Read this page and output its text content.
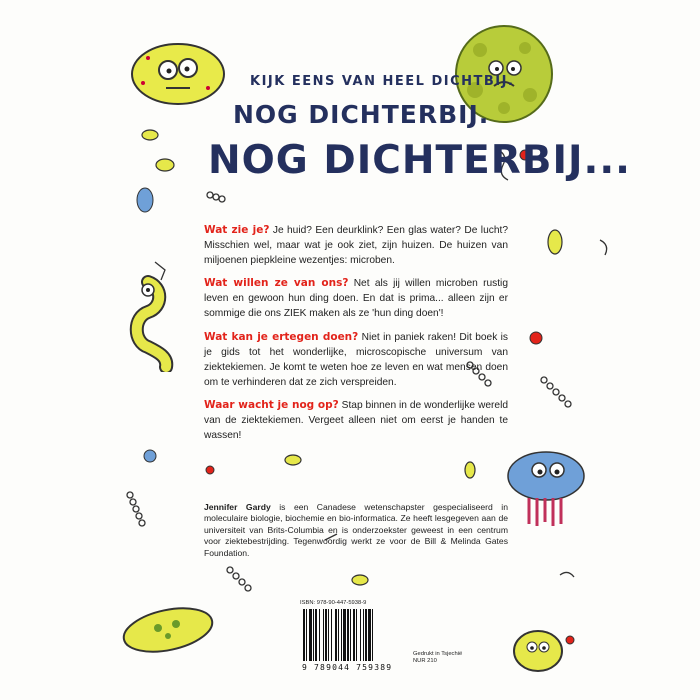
KIJK EENS VAN HEEL DICHTBIJ.
NOG DICHTERBIJ.
NOG DICHTERBIJ...
Wat zie je? Je huid? Een deurklink? Een glas water? De lucht? Misschien wel, maar wat je ook ziet, zijn huizen. De huizen van miljoenen piepkleine wezentjes: microben.
Wat willen ze van ons? Net als jij willen microben rustig leven en gewoon hun ding doen. En dat is prima... alleen zijn er sommige die ons ZIEK maken als ze 'hun ding doen'!
Wat kan je ertegen doen? Niet in paniek raken! Dit boek is je gids tot het wonderlijke, microscopische universum van ziektekiemen. Je komt te weten hoe ze leven en wat mensen doen om te verhinderen dat ze zich verspreiden.
Waar wacht je nog op? Stap binnen in de wonderlijke wereld van de ziektekiemen. Vergeet alleen niet om eerst je handen te wassen!
Jennifer Gardy is een Canadese wetenschapster gespecialiseerd in moleculaire biologie, biochemie en bio-informatica. Ze heeft lesgegeven aan de universiteit van Brits-Columbia en is onderzoekster geweest in een centrum voor ziektebestrijding. Tegenwoordig werkt ze voor de Bill & Melinda Gates Foundation.
ISBN: 978-90-447-5938-9
9 789044 759389
Gedrukt in Tsjechië
NUR 210
